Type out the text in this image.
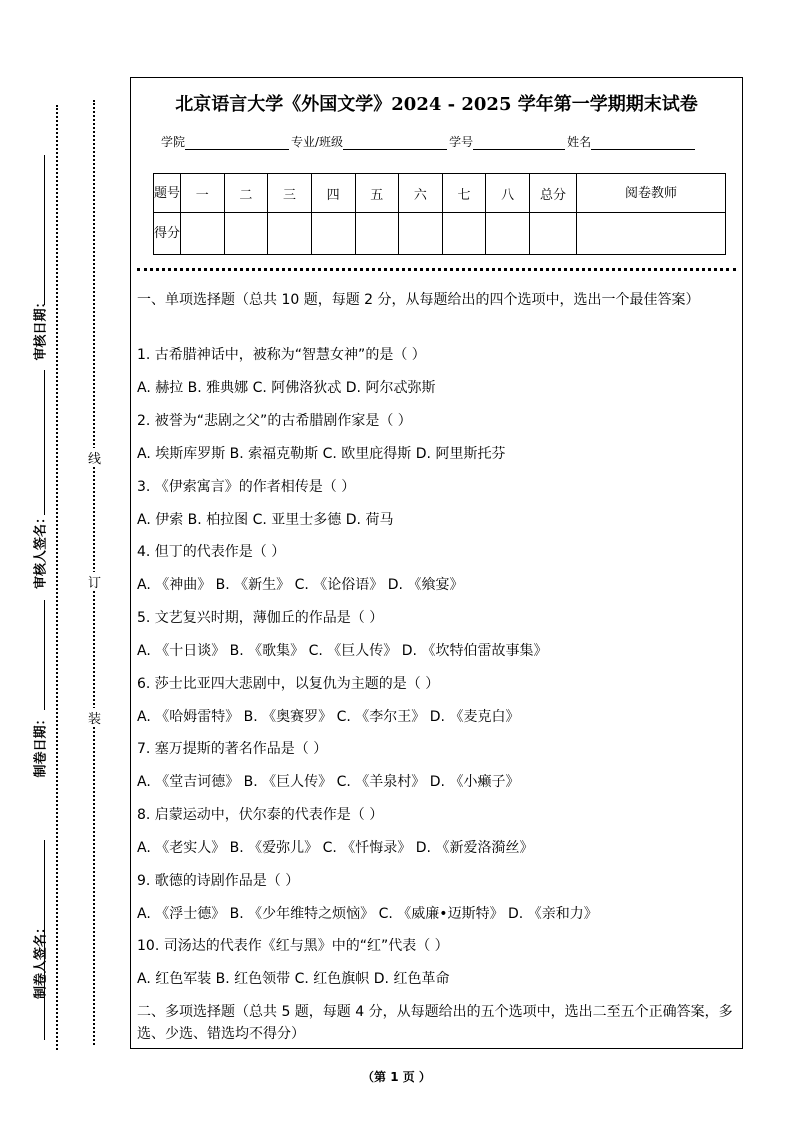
审核日期：
审核人签名：
制卷日期：
制卷人签名：
线
订
装
北京语言大学《外国文学》2024 - 2025 学年第一学期期末试卷
学院	专业/班级	学号	姓名
题号	一	二	三	四	五	六	七	八	总分	阅卷教师
得分										
一、单项选择题（总共 10 题，每题 2 分，从每题给出的四个选项中，选出一个最佳答案）
1. 古希腊神话中，被称为“智慧女神”的是（ ）
A. 赫拉 B. 雅典娜 C. 阿佛洛狄忒 D. 阿尔忒弥斯
2. 被誉为“悲剧之父”的古希腊剧作家是（ ）
A. 埃斯库罗斯 B. 索福克勒斯 C. 欧里庇得斯 D. 阿里斯托芬
3. 《伊索寓言》的作者相传是（ ）
A. 伊索 B. 柏拉图 C. 亚里士多德 D. 荷马
4. 但丁的代表作是（ ）
A. 《神曲》 B. 《新生》 C. 《论俗语》 D. 《飨宴》
5. 文艺复兴时期，薄伽丘的作品是（ ）
A. 《十日谈》 B. 《歌集》 C. 《巨人传》 D. 《坎特伯雷故事集》
6. 莎士比亚四大悲剧中，以复仇为主题的是（ ）
A. 《哈姆雷特》 B. 《奥赛罗》 C. 《李尔王》 D. 《麦克白》
7. 塞万提斯的著名作品是（ ）
A. 《堂吉诃德》 B. 《巨人传》 C. 《羊泉村》 D. 《小癞子》
8. 启蒙运动中，伏尔泰的代表作是（ ）
A. 《老实人》 B. 《爱弥儿》 C. 《忏悔录》 D. 《新爱洛漪丝》
9. 歌德的诗剧作品是（ ）
A. 《浮士德》 B. 《少年维特之烦恼》 C. 《威廉•迈斯特》 D. 《亲和力》
10. 司汤达的代表作《红与黑》中的“红”代表（ ）
A. 红色军装 B. 红色领带 C. 红色旗帜 D. 红色革命
二、多项选择题（总共 5 题，每题 4 分，从每题给出的五个选项中，选出二至五个正确答案，多选、少选、错选均不得分）
（第 1 页 ）
